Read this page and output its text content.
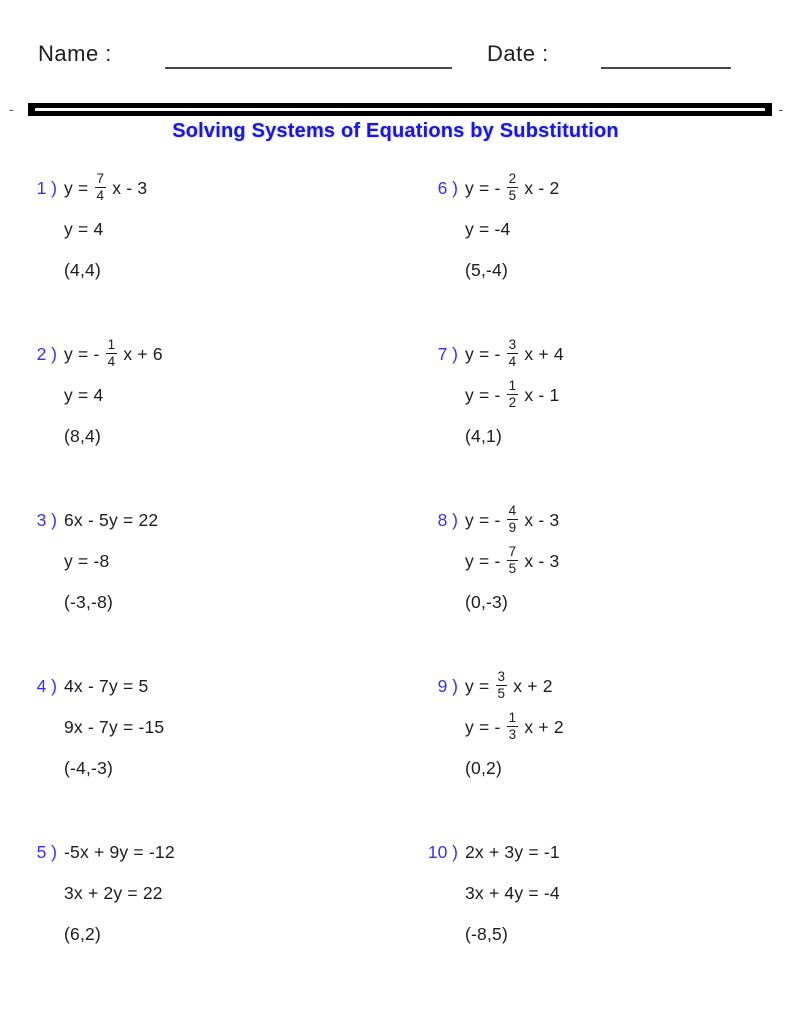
Name :	Date :
-	-
Solving Systems of Equations by Substitution
1 ) $y = \frac{7}{4}$ x - 3
y = 4
(4,4)
2 ) y = - $\frac{1}{4}$ x + 6
y = 4
(8,4)
3 ) 6x - 5y = 22
y = -8
(-3,-8)
4 ) 4x - 7y = 5
9x - 7y = -15
(-4,-3)
5 ) -5x + 9y = -12
3x + 2y = 22
(6,2)
6 ) y = - $\frac{2}{5}$ x - 2
y = -4
(5,-4)
7 ) y = - $\frac{3}{4}$ x + 4
y = - $\frac{1}{2}$ x - 1
(4,1)
8 ) y = - $\frac{4}{9}$ x - 3
y = - $\frac{7}{5}$ x - 3
(0,-3)
9 ) $y = \frac{3}{5}$ x + 2
y = - $\frac{1}{3}$ x + 2
(0,2)
10 ) 2x + 3y = -1
3x + 4y = -4
(-8,5)
